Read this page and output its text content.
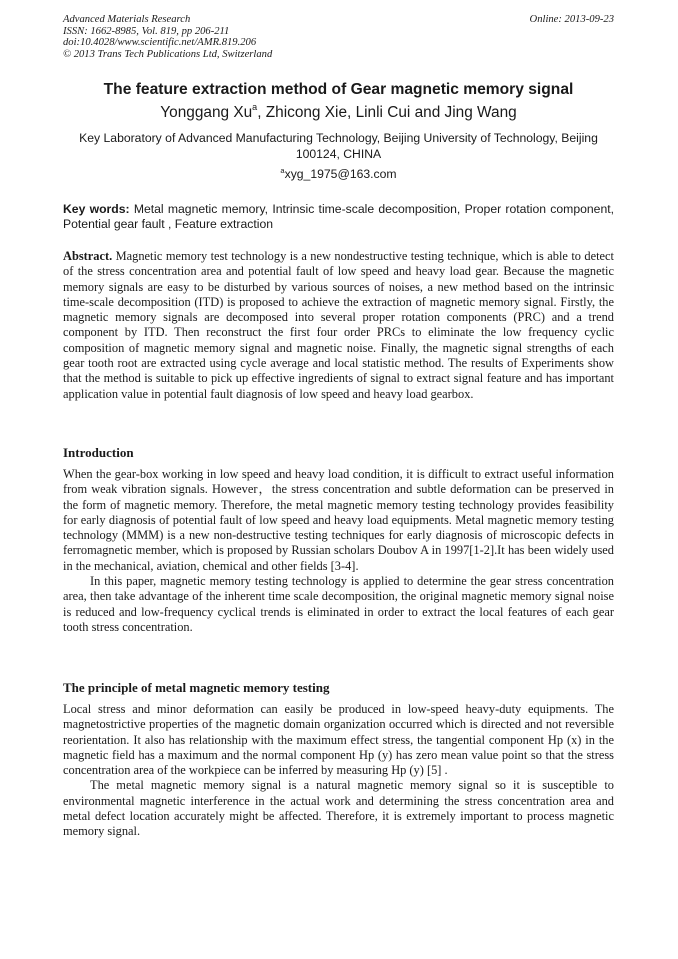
Advanced Materials Research
ISSN: 1662-8985, Vol. 819, pp 206-211
doi:10.4028/www.scientific.net/AMR.819.206
© 2013 Trans Tech Publications Ltd, Switzerland
Online: 2013-09-23
The feature extraction method of Gear magnetic memory signal
Yonggang Xu$^a$, Zhicong Xie, Linli Cui and Jing Wang
Key Laboratory of Advanced Manufacturing Technology, Beijing University of Technology, Beijing 100124, CHINA
$^a$xyg_1975@163.com
Key words: Metal magnetic memory, Intrinsic time-scale decomposition, Proper rotation component, Potential gear fault , Feature extraction

Abstract. Magnetic memory test technology is a new nondestructive testing technique, which is able to detect of the stress concentration area and potential fault of low speed and heavy load gear. Because the magnetic memory signals are easy to be disturbed by various sources of noises, a new method based on the intrinsic time-scale decomposition (ITD) is proposed to achieve the extraction of magnetic memory signal. Firstly, the magnetic memory signals are decomposed into several proper rotation components (PRC) and a trend component by ITD. Then reconstruct the first four order PRCs to eliminate the low frequency cyclic composition of magnetic memory signal and magnetic noise. Finally, the magnetic signal strengths of each gear tooth root are extracted using cycle average and local statistic method. The results of Experiments show that the method is suitable to pick up effective ingredients of signal to extract signal feature and has important application value in potential fault diagnosis of low speed and heavy load gearbox.

Introduction

When the gear-box working in low speed and heavy load condition, it is difficult to extract useful information from weak vibration signals. However，the stress concentration and subtle deformation can be preserved in the form of magnetic memory. Therefore, the metal magnetic memory testing technology provides feasibility for early diagnosis of potential fault of low speed and heavy load equipments. Metal magnetic memory testing technology (MMM) is a new non-destructive testing techniques for early diagnosis of microscopic defects in ferromagnetic member, which is proposed by Russian scholars Doubov A in 1997[1-2].It has been widely used in the mechanical, aviation, chemical and other fields [3-4].

In this paper, magnetic memory testing technology is applied to determine the gear stress concentration area, then take advantage of the inherent time scale decomposition, the original magnetic memory signal noise is reduced and low-frequency cyclical trends is eliminated in order to extract the local features of each gear tooth stress concentration.

The principle of metal magnetic memory testing

Local stress and minor deformation can easily be produced in low-speed heavy-duty equipments. The magnetostrictive properties of the magnetic domain organization occurred which is directed and not reversible reorientation. It also has relationship with the maximum effect stress, the tangential component Hp (x) in the magnetic field has a maximum and the normal component Hp (y) has zero mean value point so that the stress concentration area of the workpiece can be inferred by measuring Hp (y) [5] .

The metal magnetic memory signal is a natural magnetic memory signal so it is susceptible to environmental magnetic interference in the actual work and determining the stress concentration area and metal defect location accurately might be affected. Therefore, it is extremely important to process magnetic memory signal.
